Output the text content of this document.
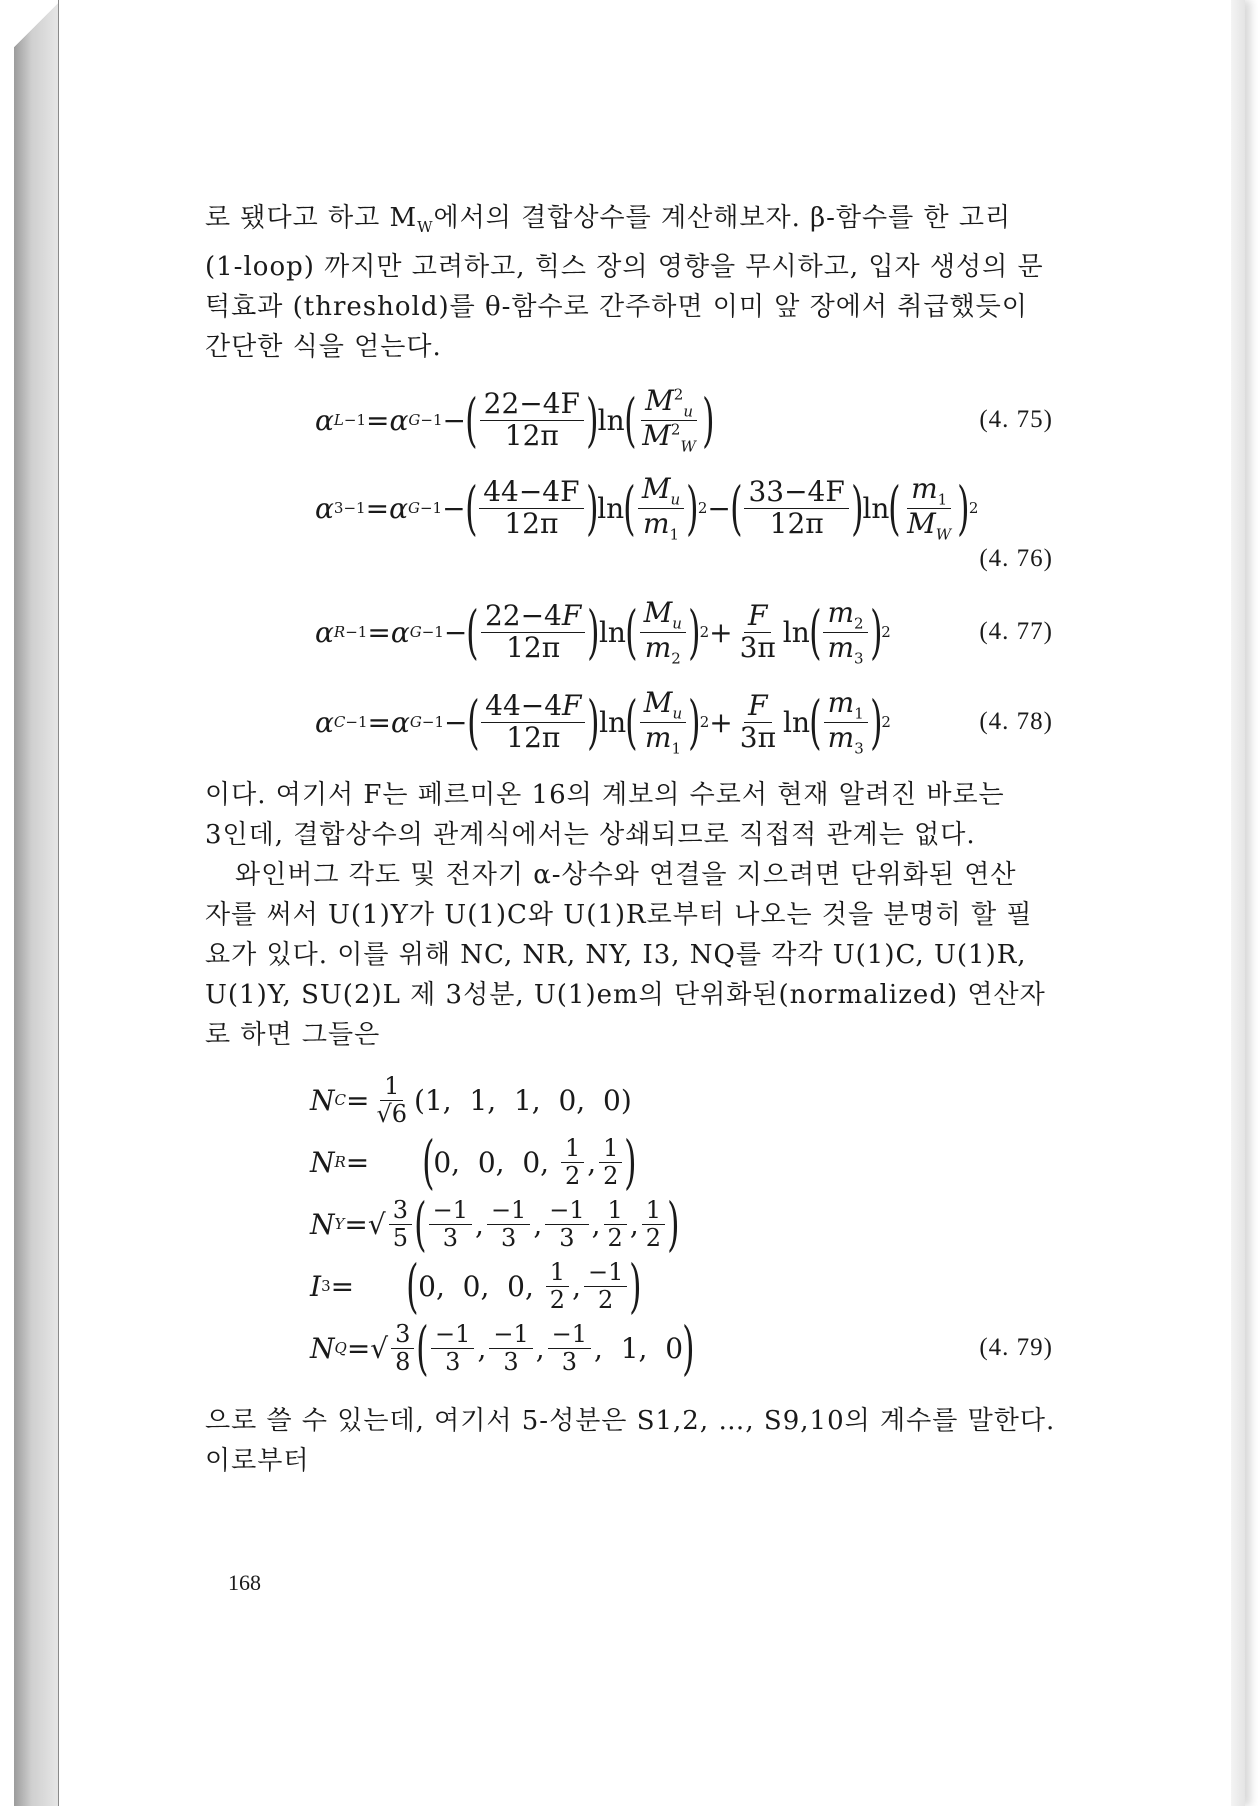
로 됐다고 하고 $M_W$에서의 결합상수를 계산해보자. β-함수를 한 고리
(1-loop) 까지만 고려하고, 힉스 장의 영향을 무시하고, 입자 생성의 문
턱효과 (threshold)를 θ-함수로 간주하면 이미 앞 장에서 취급했듯이
간단한 식을 얻는다.

α L −1 = α G −1 − ( $\frac{22-4F}{12\pi}$ ) ln ( $\frac{M^2_u}{M^2_W}$ )	(4. 75)
α 3 −1 = α G −1 − ( $\frac{44-4F}{12\pi}$ ) ln ( $\frac{M_u}{m_1}$ ) 2 − ( $\frac{33-4F}{12\pi}$ ) ln ( $\frac{m_1}{M_W}$ ) 2
(4. 76)
α R −1 = α G −1 − ( $\frac{22-4F}{12\pi}$ ) ln ( $\frac{M_u}{m_2}$ ) $2 + \frac{F}{3\pi}$ ln ( $\frac{m_2}{m_3}$ ) 2	(4. 77)
α C −1 = α G −1 − ( $\frac{44-4F}{12\pi}$ ) ln ( $\frac{M_u}{m_1}$ ) $2 + \frac{F}{3\pi}$ ln ( $\frac{m_1}{m_3}$ ) 2	(4. 78)

이다. 여기서 F는 페르미온 16의 계보의 수로서 현재 알려진 바로는
3인데, 결합상수의 관계식에서는 상쇄되므로 직접적 관계는 없다.

와인버그 각도 및 전자기 α-상수와 연결을 지으려면 단위화된 연산
자를 써서 U(1)Y가 U(1)C와 U(1)R로부터 나오는 것을 분명히 할 필
요가 있다. 이를 위해 NC, NR, NY, I3, NQ를 각각 U(1)C, U(1)R,
U(1)Y, SU(2)L 제 3성분, U(1)em의 단위화된(normalized) 연산자
로 하면 그들은

N $C = \frac{1}{√6} (1$,  1,  1,  0,  0)
N R = ( 0,  0,  0, $\frac{1}{2}$ , $\frac{1}{2}$ )
N Y =√ $\frac{3}{5}$ ( $\frac{-1}{3}$ , $\frac{-1}{3}$ , $\frac{-1}{3}$ , $\frac{1}{2}$ , $\frac{1}{2}$ )
I 3 = ( 0,  0,  0, $\frac{1}{2}$ , $\frac{-1}{2}$ )
N Q =√ $\frac{3}{8}$ ( $\frac{-1}{3}$ , $\frac{-1}{3}$ , $\frac{-1}{3}$ ,  1,  0 )	(4. 79)

으로 쓸 수 있는데, 여기서 5-성분은 S1,2, …, S9,10의 계수를 말한다.
이로부터

168
